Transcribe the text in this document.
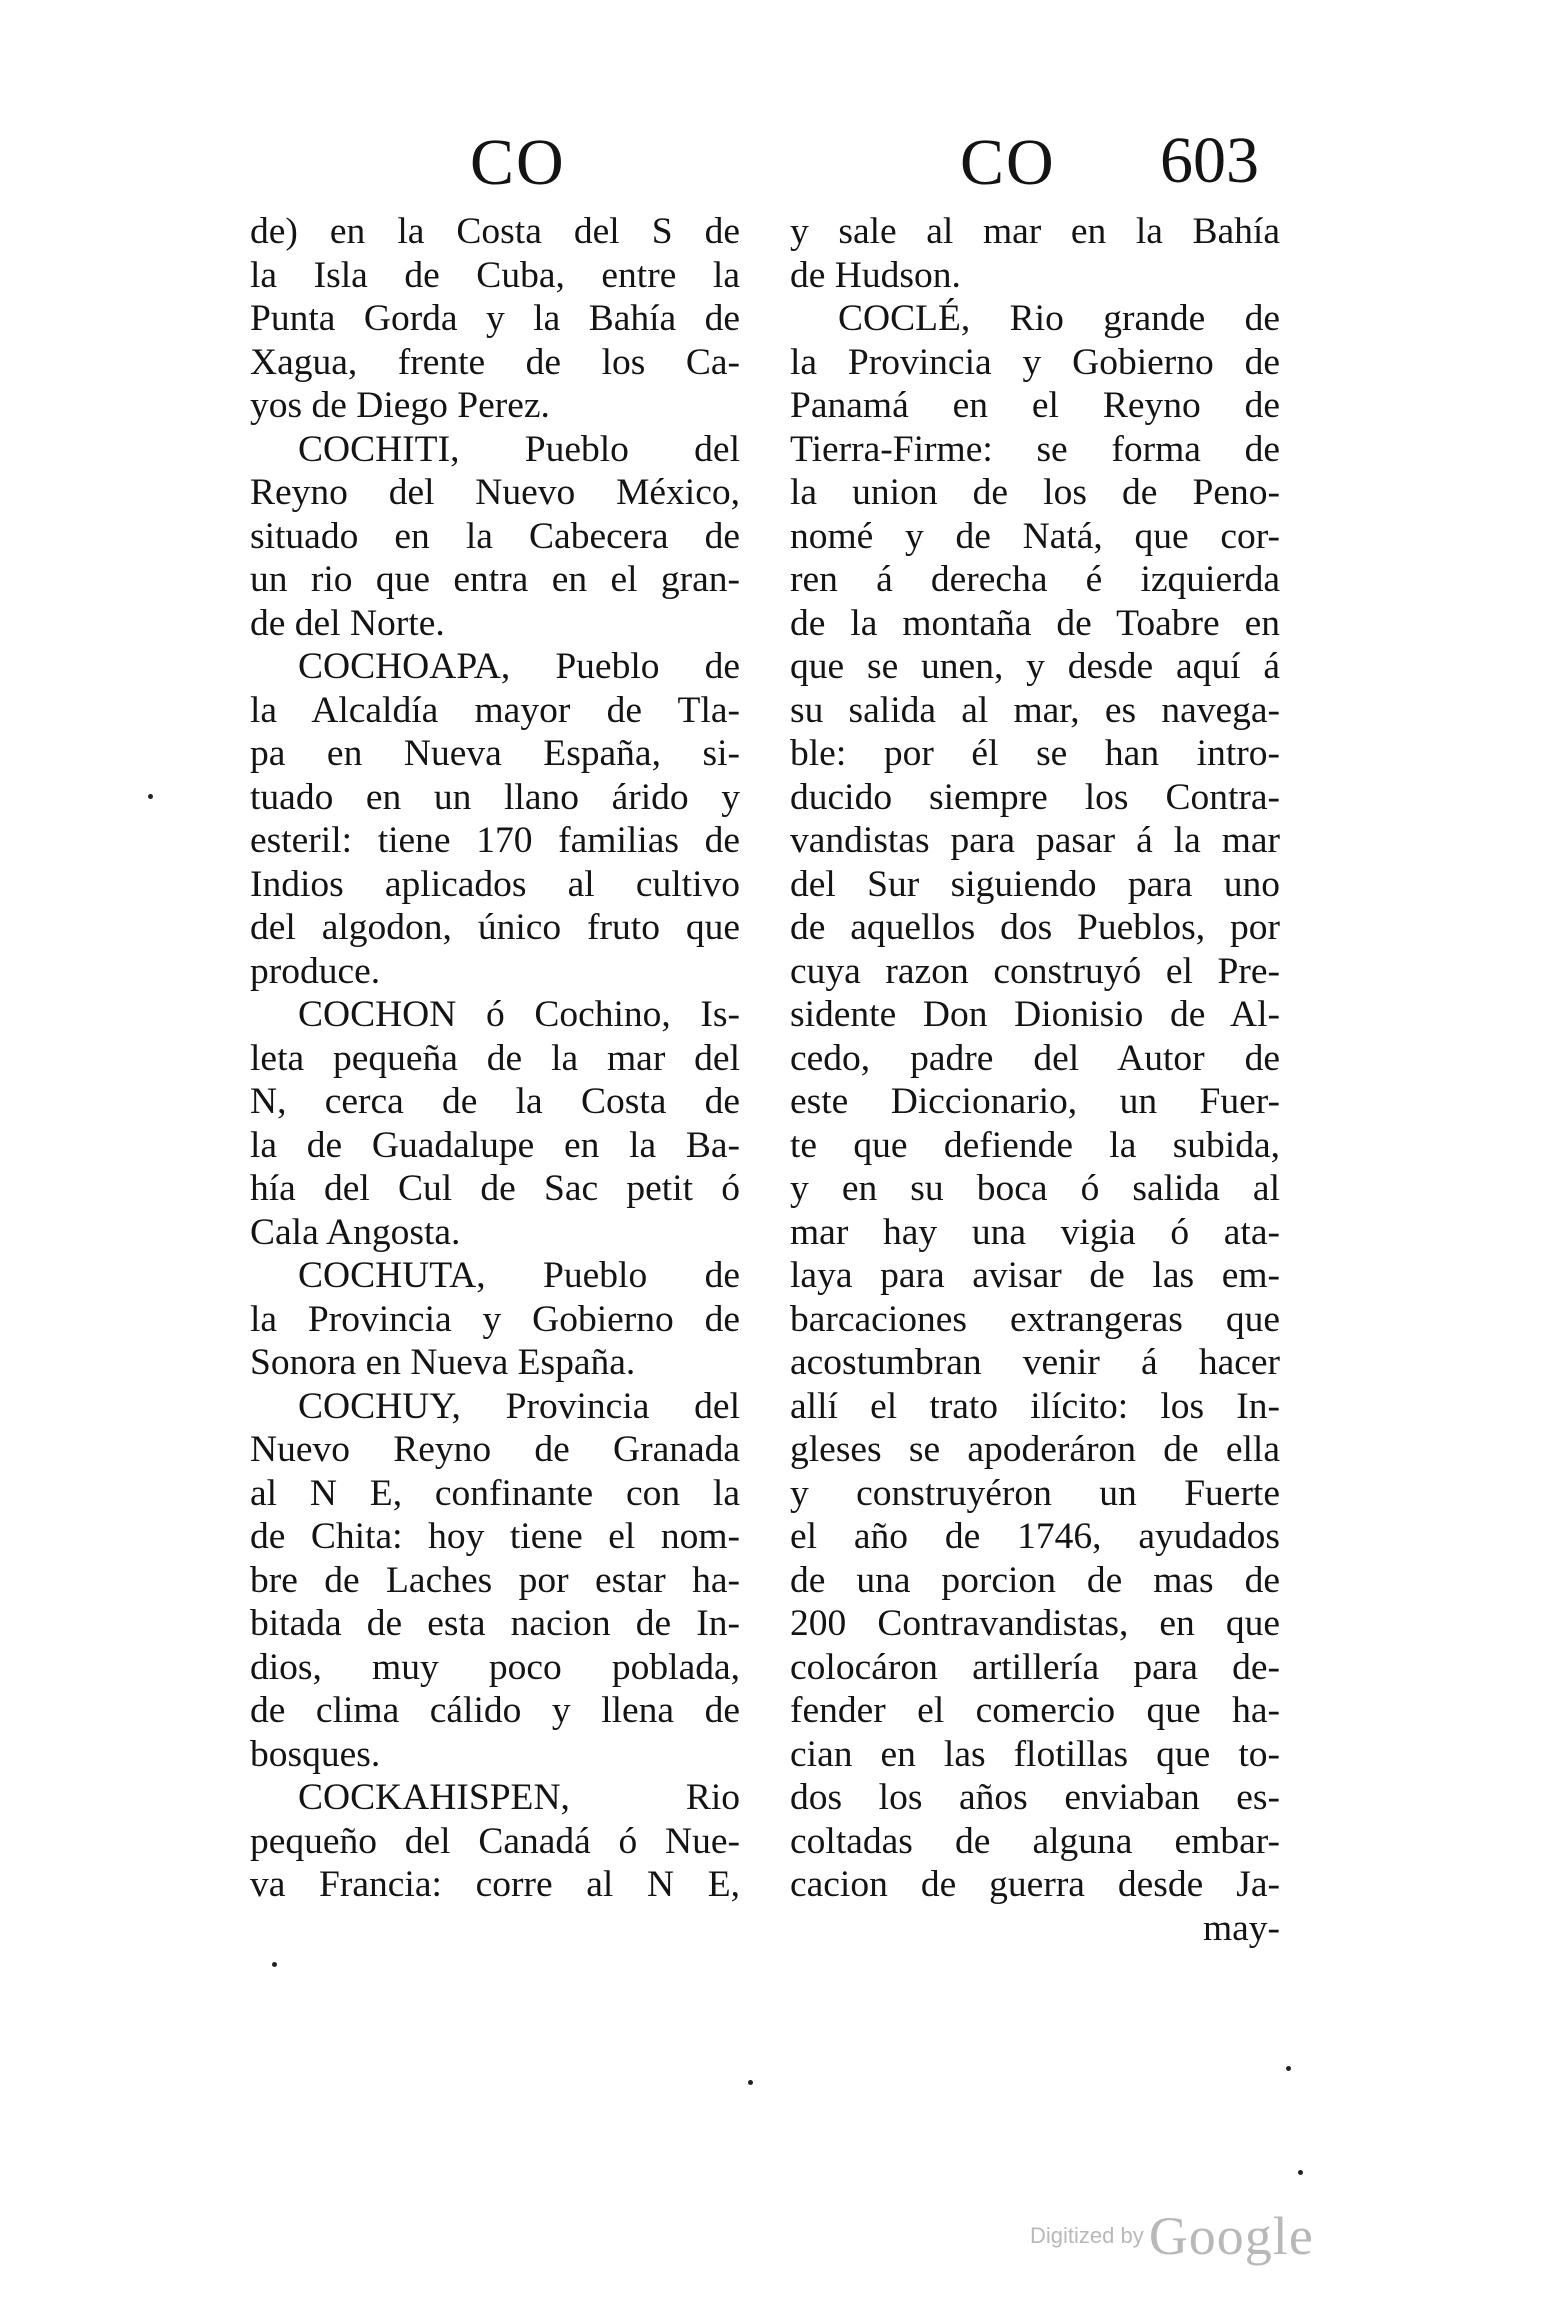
CO	CO 603
de) en la Costa del S de
la Isla de Cuba, entre la
Punta Gorda y la Bahía de
Xagua, frente de los Ca-
yos de Diego Perez.
COCHITI, Pueblo del
Reyno del Nuevo México,
situado en la Cabecera de
un rio que entra en el gran-
de del Norte.
COCHOAPA, Pueblo de
la Alcaldía mayor de Tla-
pa en Nueva España, si-
tuado en un llano árido y
esteril: tiene 170 familias de
Indios aplicados al cultivo
del algodon, único fruto que
produce.
COCHON ó Cochino, Is-
leta pequeña de la mar del
N, cerca de la Costa de
la de Guadalupe en la Ba-
hía del Cul de Sac petit ó
Cala Angosta.
COCHUTA, Pueblo de
la Provincia y Gobierno de
Sonora en Nueva España.
COCHUY, Provincia del
Nuevo Reyno de Granada
al N E, confinante con la
de Chita: hoy tiene el nom-
bre de Laches por estar ha-
bitada de esta nacion de In-
dios, muy poco poblada,
de clima cálido y llena de
bosques.
COCKAHISPEN, Rio
pequeño del Canadá ó Nue-
va Francia: corre al N E,
y sale al mar en la Bahía
de Hudson.
COCLÉ, Rio grande de
la Provincia y Gobierno de
Panamá en el Reyno de
Tierra-Firme: se forma de
la union de los de Peno-
nomé y de Natá, que cor-
ren á derecha é izquierda
de la montaña de Toabre en
que se unen, y desde aquí á
su salida al mar, es navega-
ble: por él se han intro-
ducido siempre los Contra-
vandistas para pasar á la mar
del Sur siguiendo para uno
de aquellos dos Pueblos, por
cuya razon construyó el Pre-
sidente Don Dionisio de Al-
cedo, padre del Autor de
este Diccionario, un Fuer-
te que defiende la subida,
y en su boca ó salida al
mar hay una vigia ó ata-
laya para avisar de las em-
barcaciones extrangeras que
acostumbran venir á hacer
allí el trato ilícito: los In-
gleses se apoderáron de ella
y construyéron un Fuerte
el año de 1746, ayudados
de una porcion de mas de
200 Contravandistas, en que
colocáron artillería para de-
fender el comercio que ha-
cian en las flotillas que to-
dos los años enviaban es-
coltadas de alguna embar-
cacion de guerra desde Ja-
may-
Digitized by Google
